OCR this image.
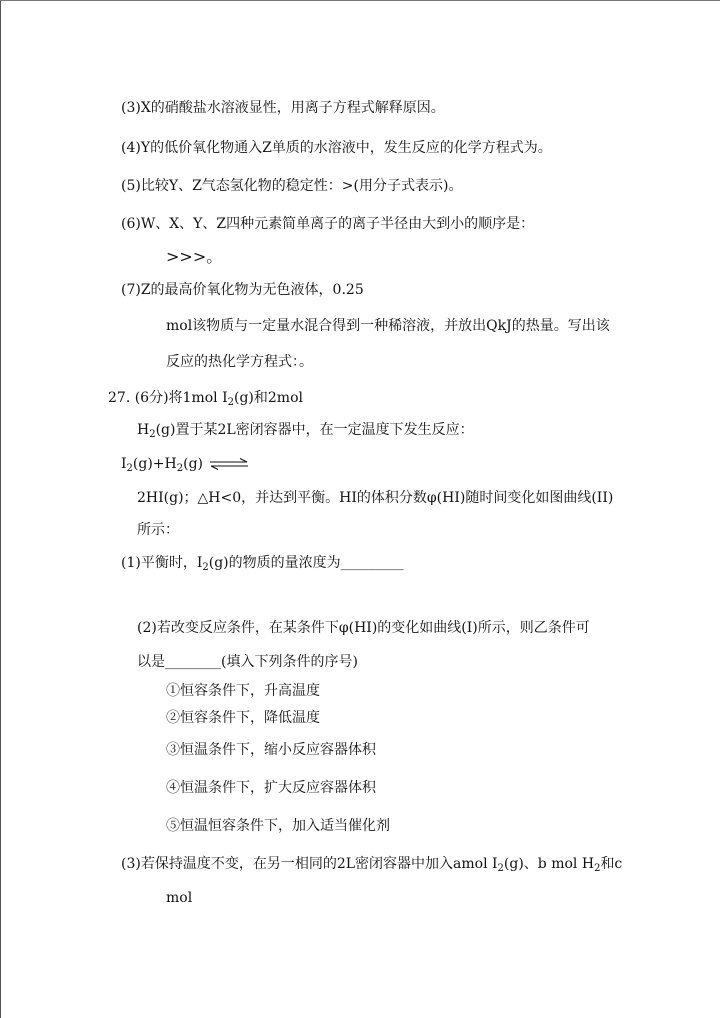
(3)X的硝酸盐水溶液显性，用离子方程式解释原因。
(4)Y的低价氧化物通入Z单质的水溶液中，发生反应的化学方程式为。
(5)比较Y、Z气态氢化物的稳定性：>(用分子式表示)。
(6)W、X、Y、Z四种元素简单离子的离子半径由大到小的顺序是：
>>>。
(7)Z的最高价氧化物为无色液体，0.25
mol该物质与一定量水混合得到一种稀溶液，并放出QkJ的热量。写出该
反应的热化学方程式：。
27. (6分)将1mol $I_2(g)$和2mol
$H_2(g)$置于某2L密闭容器中，在一定温度下发生反应：
$I_2(g)+H_2(g)$ ⇌
2HI(g)；△H<0，并达到平衡。HI的体积分数φ(HI)随时间变化如图曲线(II)
所示：
(1)平衡时，$I_2(g)$的物质的量浓度为_________
(2)若改变反应条件，在某条件下φ(HI)的变化如曲线(I)所示，则乙条件可
以是________(填入下列条件的序号)
①恒容条件下，升高温度
②恒容条件下，降低温度
③恒温条件下，缩小反应容器体积
④恒温条件下，扩大反应容器体积
⑤恒温恒容条件下，加入适当催化剂
(3)若保持温度不变，在另一相同的2L密闭容器中加入amol $I_2(g)$、b mol $H_2$和c
mol
